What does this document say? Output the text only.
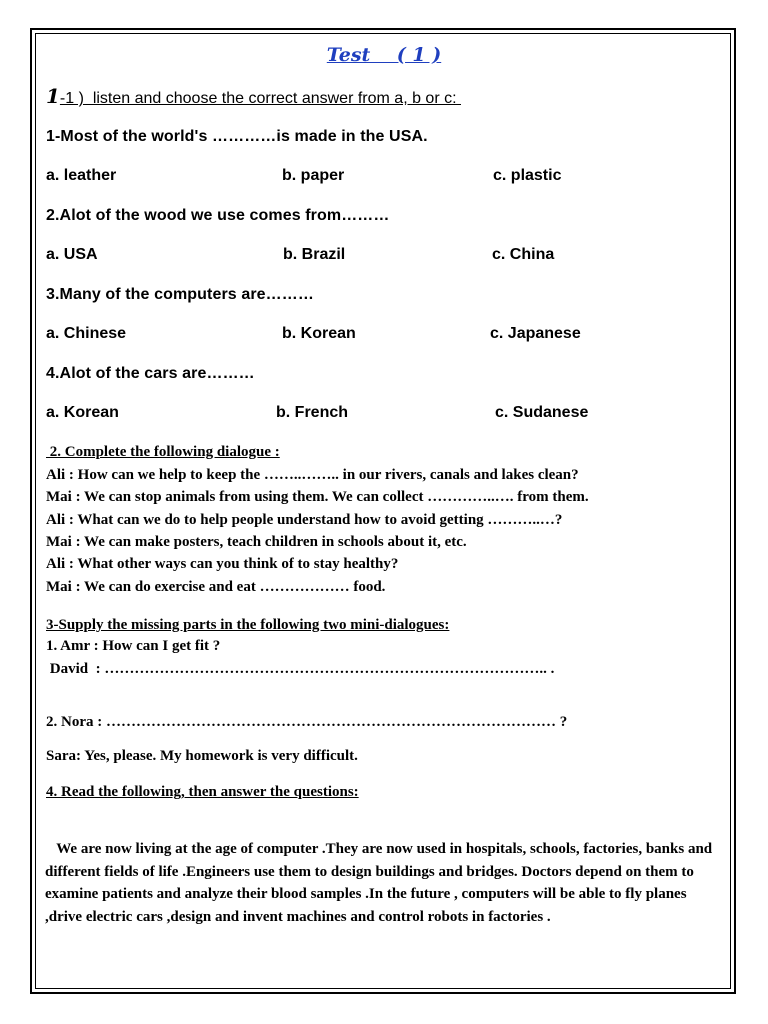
Test    ( 1 )
1-1 )  listen and choose the correct answer from a, b or c:
1-Most of the world's …………is made in the USA.
a. leather	b. paper	c. plastic
2.Alot of the wood we use comes from………
a. USA	b. Brazil	c. China
3.Many of the computers are………
a. Chinese	b. Korean	c. Japanese
4.Alot of the cars are………
a. Korean	b. French	c. Sudanese
2. Complete the following dialogue :
Ali : How can we help to keep the ……..…….. in our rivers, canals and lakes clean?
Mai : We can stop animals from using them. We can collect …………..…. from them.
Ali : What can we do to help people understand how to avoid getting ………..…?
Mai : We can make posters, teach children in schools about it, etc.
Ali : What other ways can you think of to stay healthy?
Mai : We can do exercise and eat ……………… food.
3-Supply the missing parts in the following two mini-dialogues:
1. Amr : How can I get fit ?
David  : …………………………………………………………………………….. .
2. Nora : ……………………………………………………………………………… ?
Sara: Yes, please. My homework is very difficult.
4. Read the following, then answer the questions:

We are now living at the age of computer .They are now used in hospitals, schools, factories, banks and different fields of life .Engineers use them to design buildings and bridges. Doctors depend on them to examine patients and analyze their blood samples .In the future , computers will be able to fly planes ,drive electric cars ,design and invent machines and control robots in factories .
